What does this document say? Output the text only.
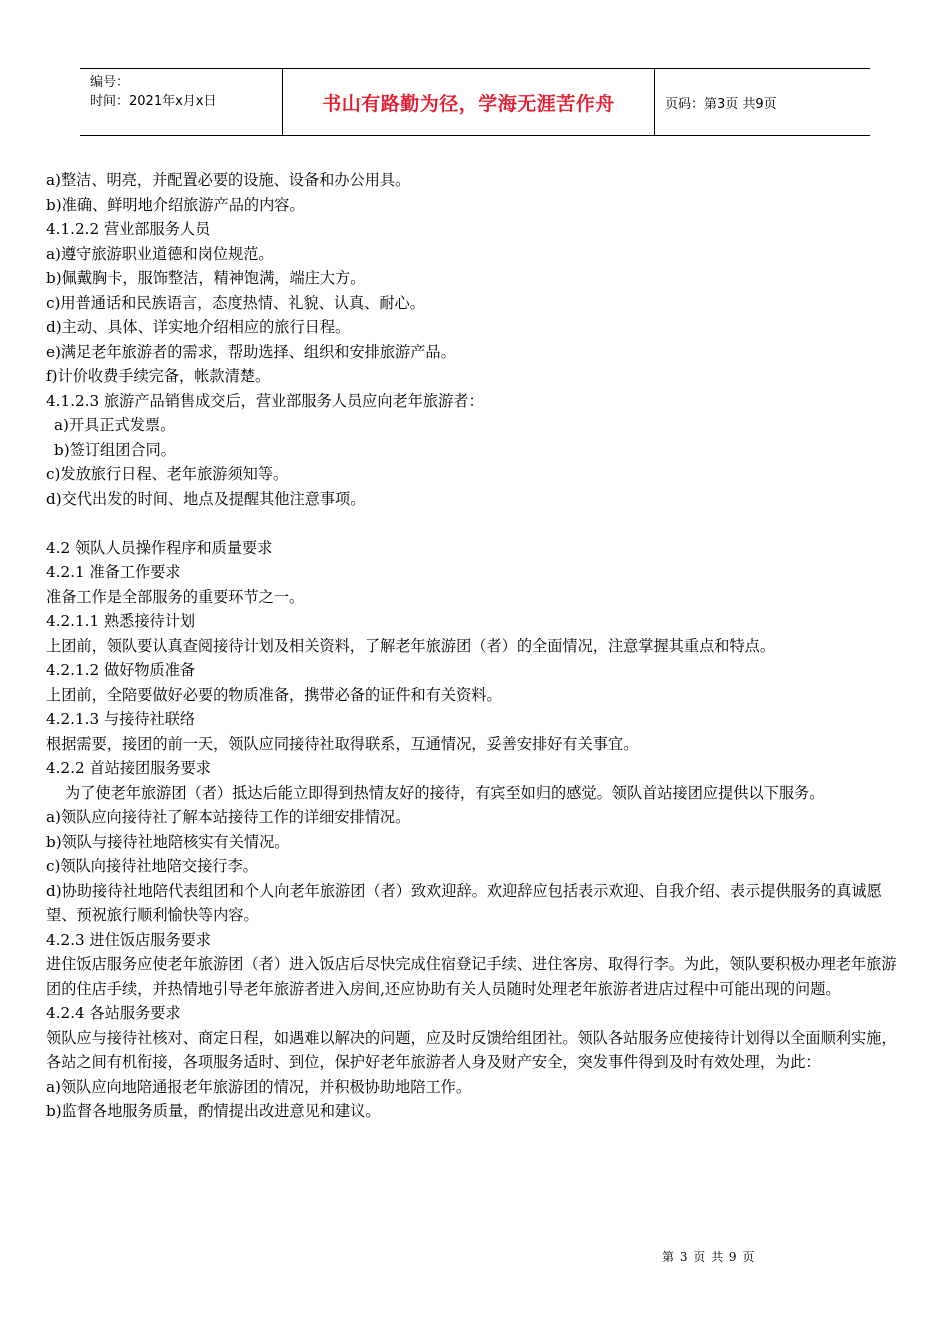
编号：
时间：2021年x月x日	书山有路勤为径，学海无涯苦作舟	页码：第3页 共9页

a)整洁、明亮，并配置必要的设施、设备和办公用具。

b)准确、鲜明地介绍旅游产品的内容。

4.1.2.2 营业部服务人员

a)遵守旅游职业道德和岗位规范。

b)佩戴胸卡，服饰整洁，精神饱满，端庄大方。

c)用普通话和民族语言，态度热情、礼貌、认真、耐心。

d)主动、具体、详实地介绍相应的旅行日程。

e)满足老年旅游者的需求，帮助选择、组织和安排旅游产品。

f)计价收费手续完备，帐款清楚。

4.1.2.3 旅游产品销售成交后，营业部服务人员应向老年旅游者：

a)开具正式发票。

b)签订组团合同。

c)发放旅行日程、老年旅游须知等。

d)交代出发的时间、地点及提醒其他注意事项。

4.2 领队人员操作程序和质量要求

4.2.1 准备工作要求

准备工作是全部服务的重要环节之一。

4.2.1.1 熟悉接待计划

上团前，领队要认真查阅接待计划及相关资料，了解老年旅游团（者）的全面情况，注意掌握其重点和特点。

4.2.1.2 做好物质准备

上团前，全陪要做好必要的物质准备，携带必备的证件和有关资料。

4.2.1.3 与接待社联络

根据需要，接团的前一天，领队应同接待社取得联系，互通情况，妥善安排好有关事宜。

4.2.2 首站接团服务要求

为了使老年旅游团（者）抵达后能立即得到热情友好的接待，有宾至如归的感觉。领队首站接团应提供以下服务。

a)领队应向接待社了解本站接待工作的详细安排情况。

b)领队与接待社地陪核实有关情况。

c)领队向接待社地陪交接行李。

d)协助接待社地陪代表组团和个人向老年旅游团（者）致欢迎辞。欢迎辞应包括表示欢迎、自我介绍、表示提供服务的真诚愿望、预祝旅行顺利愉快等内容。

4.2.3 进住饭店服务要求

进住饭店服务应使老年旅游团（者）进入饭店后尽快完成住宿登记手续、进住客房、取得行李。为此，领队要积极办理老年旅游团的住店手续，并热情地引导老年旅游者进入房间,还应协助有关人员随时处理老年旅游者进店过程中可能出现的问题。

4.2.4 各站服务要求

领队应与接待社核对、商定日程，如遇难以解决的问题，应及时反馈给组团社。领队各站服务应使接待计划得以全面顺利实施，各站之间有机衔接，各项服务适时、到位，保护好老年旅游者人身及财产安全，突发事件得到及时有效处理，为此：

a)领队应向地陪通报老年旅游团的情况，并积极协助地陪工作。

b)监督各地服务质量，酌情提出改进意见和建议。

第 3 页 共 9 页
